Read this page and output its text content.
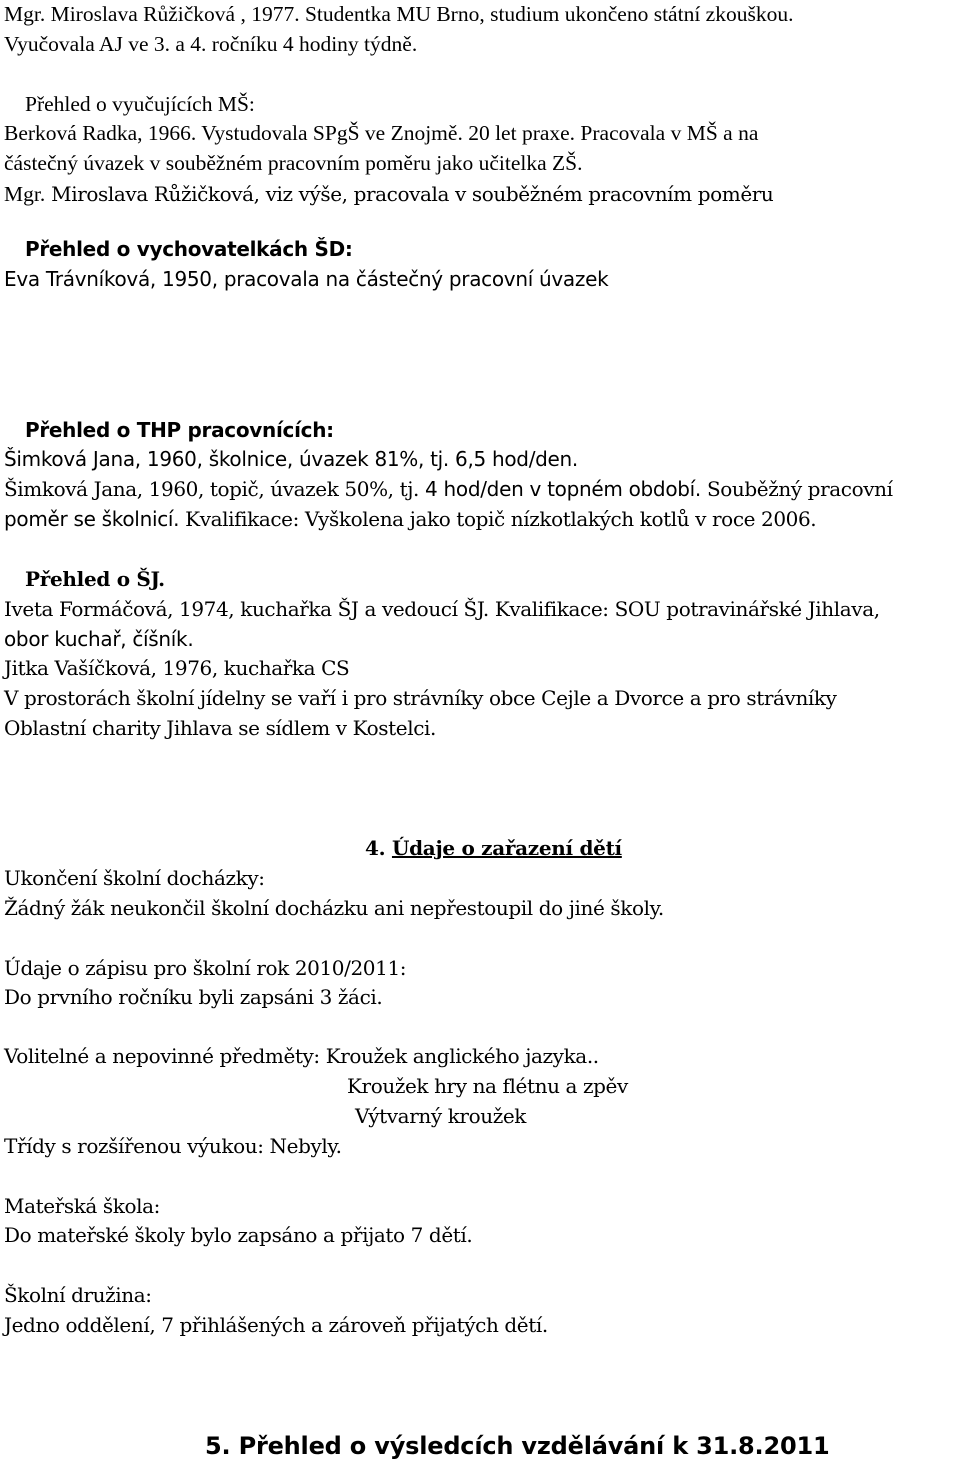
Mgr. Miroslava Růžičková , 1977. Studentka MU Brno, studium ukončeno státní zkouškou.
Vyučovala AJ ve 3. a 4. ročníku 4 hodiny týdně.
Přehled o vyučujících MŠ:
Berková Radka, 1966. Vystudovala SPgŠ ve Znojmě. 20 let praxe. Pracovala v MŠ a na
částečný úvazek v souběžném pracovním poměru jako učitelka ZŠ.
Mgr. Miroslava Růžičková, viz výše, pracovala v souběžném pracovním poměru
Přehled o vychovatelkách ŠD:
Eva Trávníková, 1950, pracovala na částečný pracovní úvazek
Přehled o THP pracovnících:
Šimková Jana, 1960, školnice, úvazek 81%, tj. 6,5 hod/den.
Šimková Jana, 1960, topič, úvazek 50%, tj. 4 hod/den v topném období. Souběžný pracovní
poměr se školnicí. Kvalifikace: Vyškolena jako topič nízkotlakých kotlů v roce 2006.
Přehled o ŠJ.
Iveta Formáčová, 1974, kuchařka ŠJ a vedoucí ŠJ. Kvalifikace: SOU potravinářské Jihlava,
obor kuchař, číšník.
Jitka Vašíčková, 1976, kuchařka CS
V prostorách školní jídelny se vaří i pro strávníky obce Cejle a Dvorce a pro strávníky
Oblastní charity Jihlava se sídlem v Kostelci.
4. Údaje o zařazení dětí
Ukončení školní docházky:
Žádný žák neukončil školní docházku ani nepřestoupil do jiné školy.
Údaje o zápisu pro školní rok 2010/2011:
Do prvního ročníku byli zapsáni 3 žáci.
Volitelné a nepovinné předměty: Kroužek anglického jazyka..
Kroužek hry na flétnu a zpěv
Výtvarný kroužek
Třídy s rozšířenou výukou: Nebyly.
Mateřská škola:
Do mateřské školy bylo zapsáno a přijato 7 dětí.
Školní družina:
Jedno oddělení, 7 přihlášených a zároveň přijatých dětí.
5. Přehled o výsledcích vzdělávání k 31.8.2011
